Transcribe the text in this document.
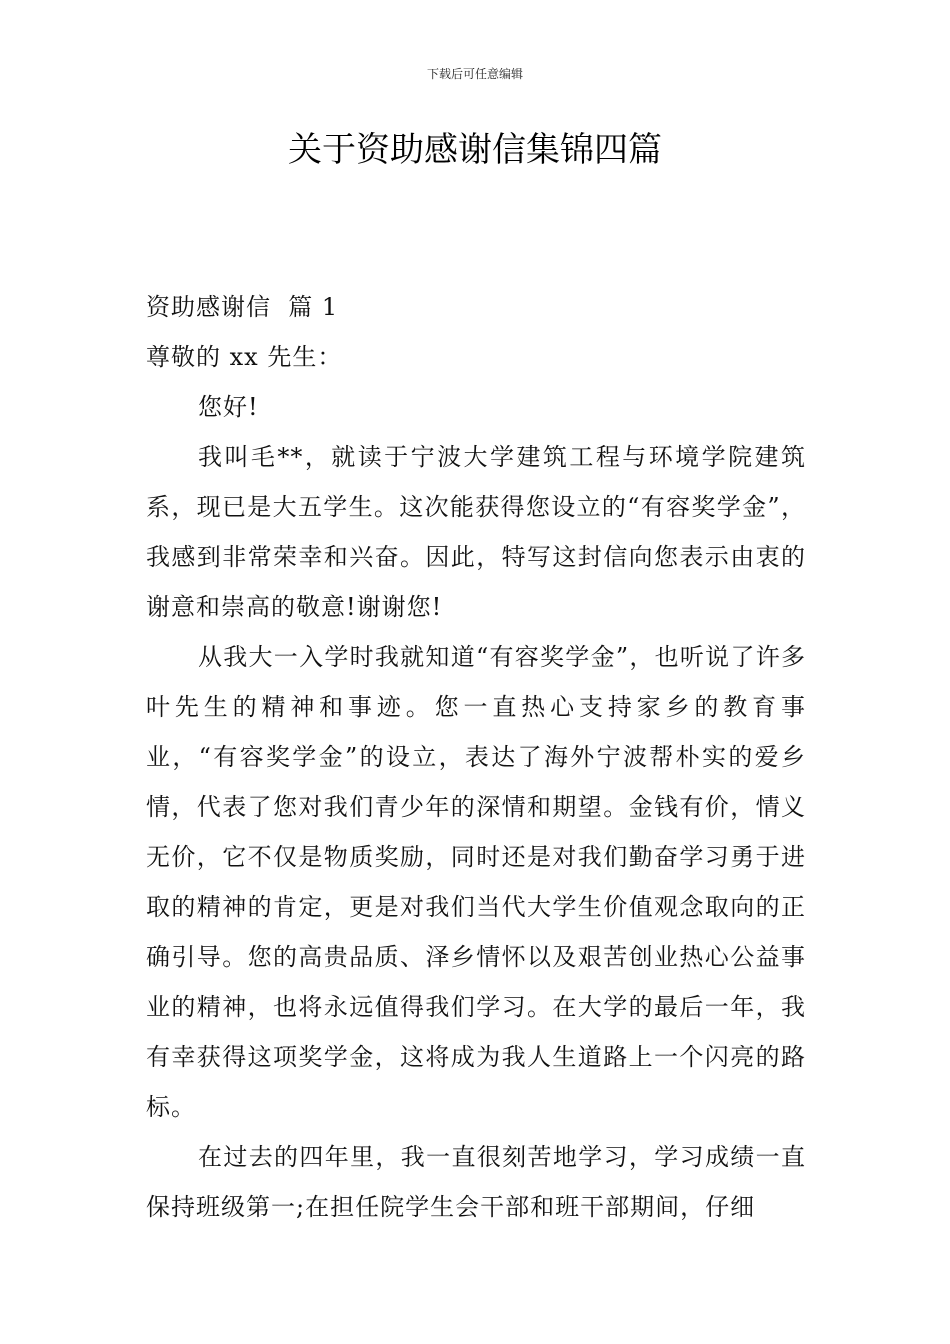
下载后可任意编辑
关于资助感谢信集锦四篇

资助感谢信  篇 1

尊敬的 xx 先生：

您好!

我叫毛**，就读于宁波大学建筑工程与环境学院建筑系，现已是大五学生。这次能获得您设立的“有容奖学金”，我感到非常荣幸和兴奋。因此，特写这封信向您表示由衷的谢意和崇高的敬意!谢谢您!

从我大一入学时我就知道“有容奖学金”，也听说了许多叶先生的精神和事迹。您一直热心支持家乡的教育事业，“有容奖学金”的设立，表达了海外宁波帮朴实的爱乡情，代表了您对我们青少年的深情和期望。金钱有价，情义无价，它不仅是物质奖励，同时还是对我们勤奋学习勇于进取的精神的肯定，更是对我们当代大学生价值观念取向的正确引导。您的高贵品质、泽乡情怀以及艰苦创业热心公益事业的精神，也将永远值得我们学习。在大学的最后一年，我有幸获得这项奖学金，这将成为我人生道路上一个闪亮的路标。

在过去的四年里，我一直很刻苦地学习，学习成绩一直保持班级第一;在担任院学生会干部和班干部期间，仔细
